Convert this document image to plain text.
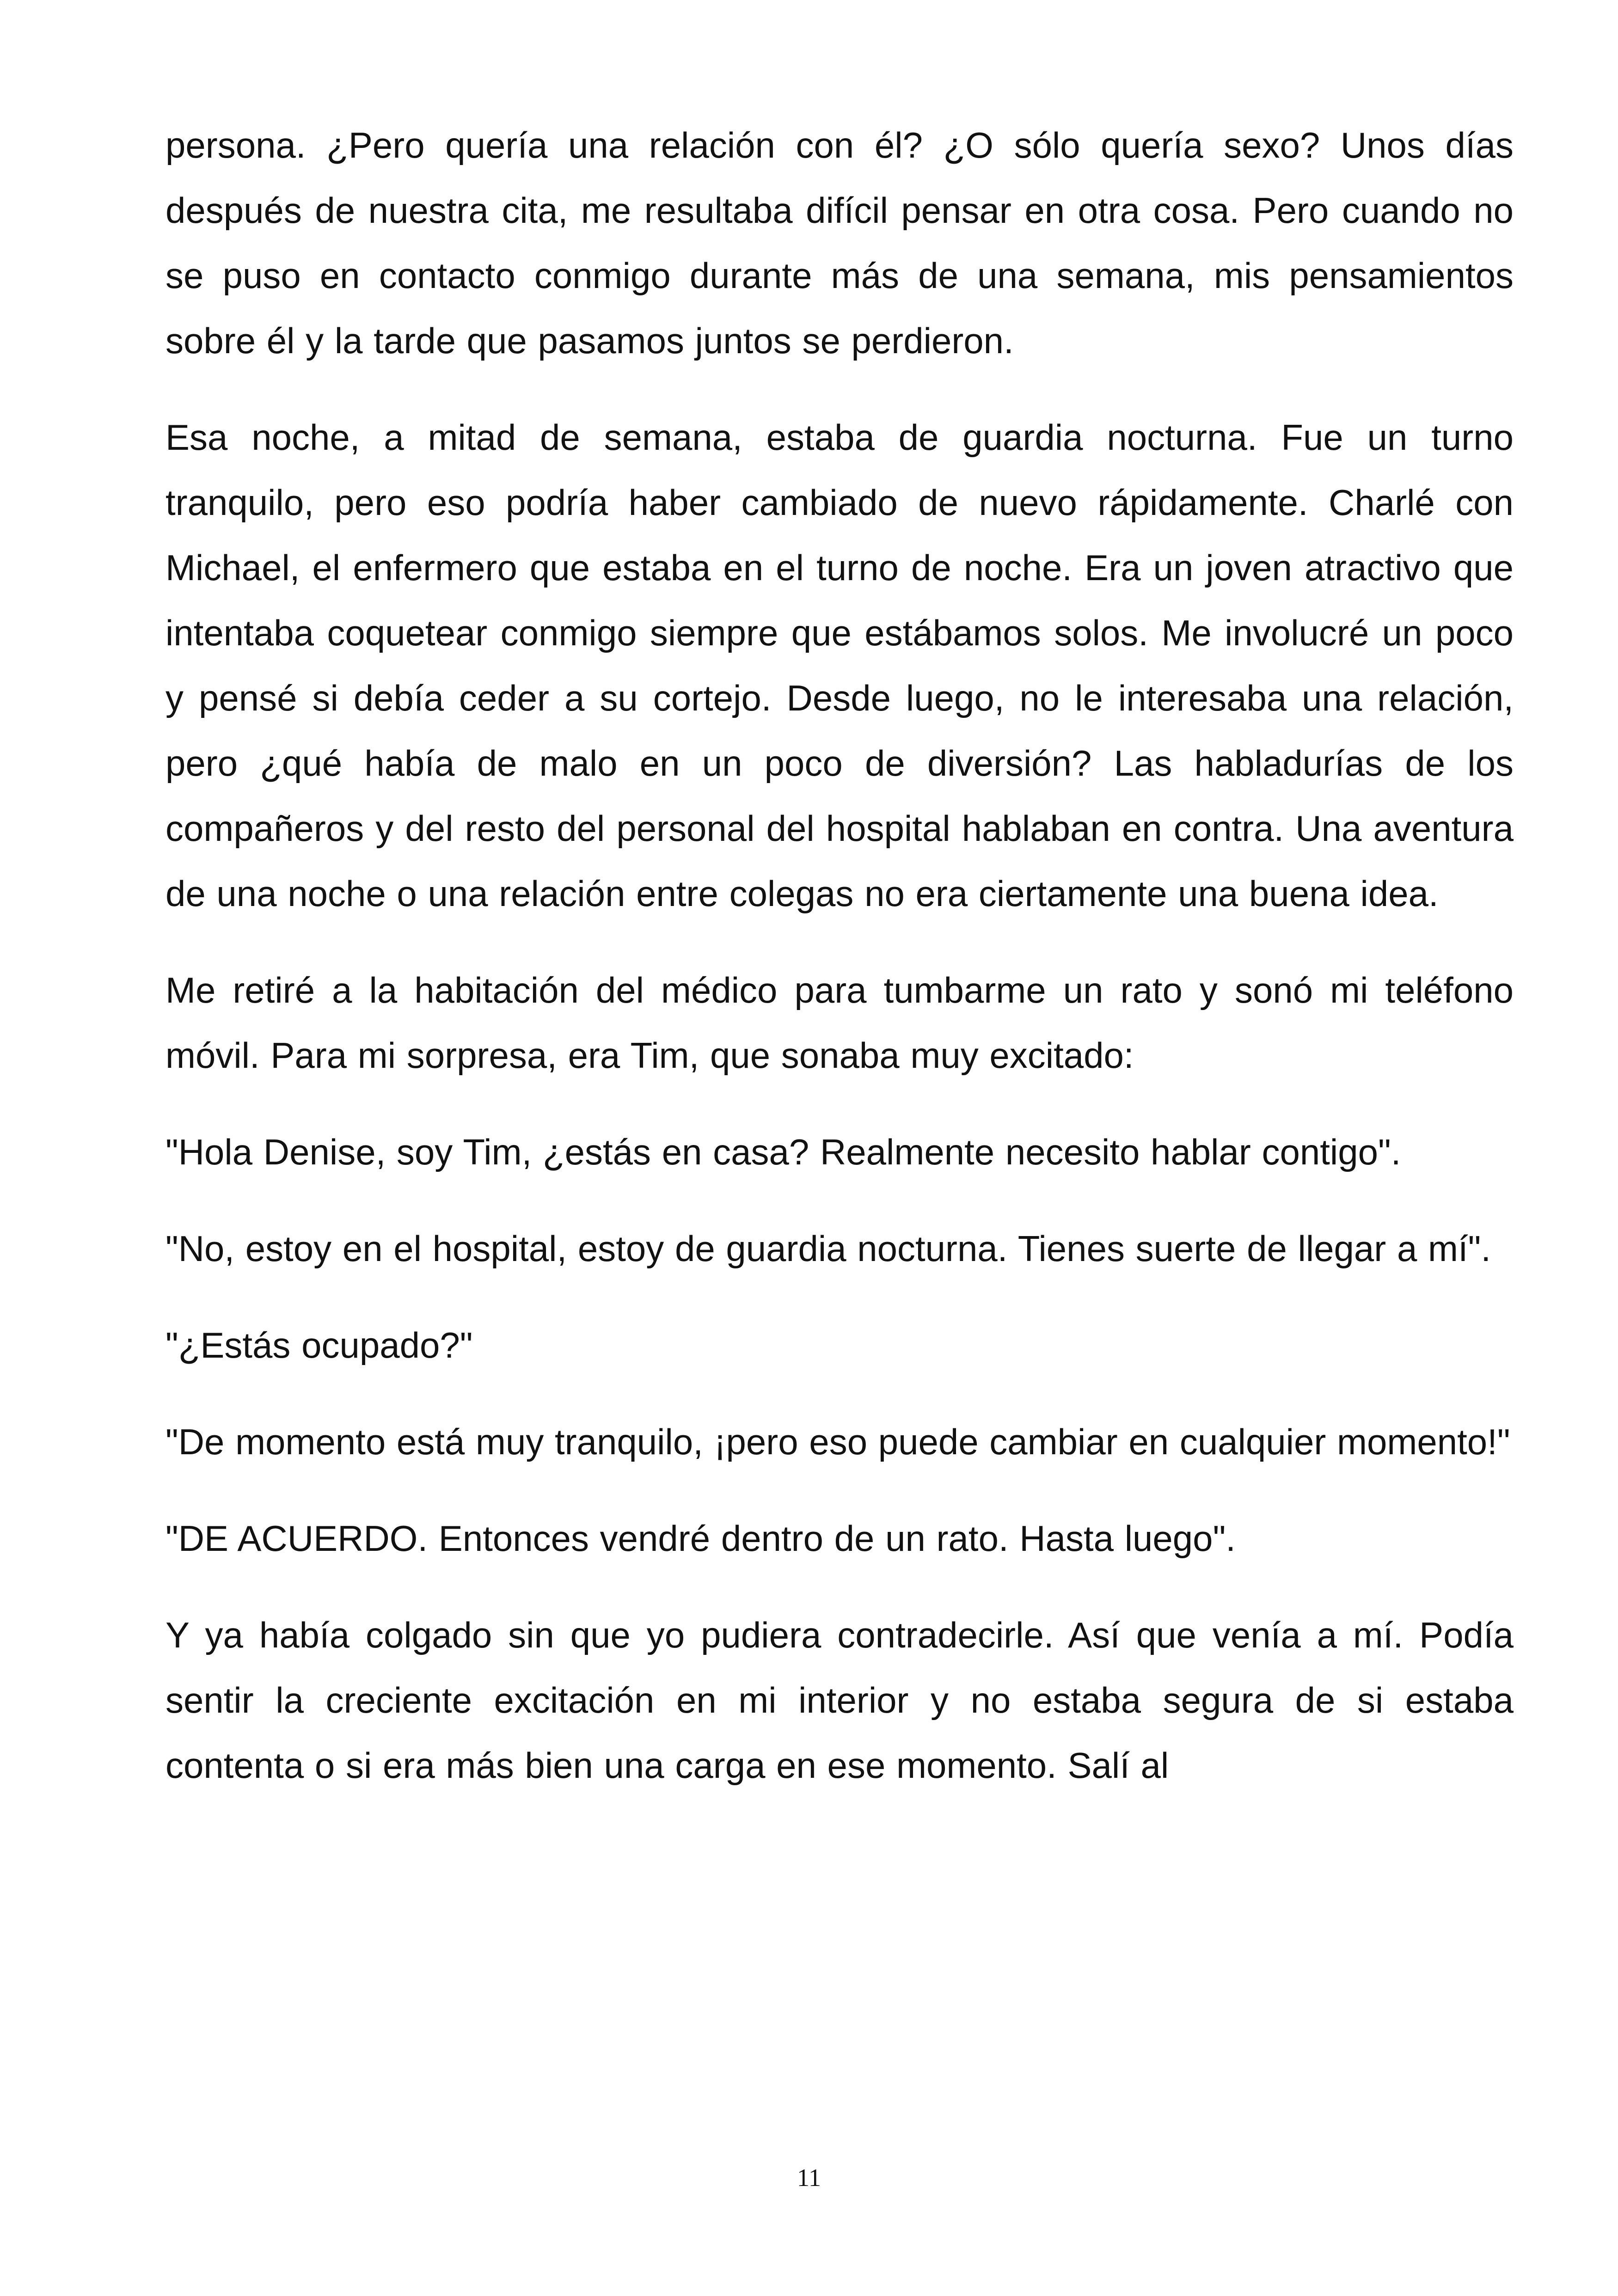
persona. ¿Pero quería una relación con él? ¿O sólo quería sexo? Unos días después de nuestra cita, me resultaba difícil pensar en otra cosa. Pero cuando no se puso en contacto conmigo durante más de una semana, mis pensamientos sobre él y la tarde que pasamos juntos se perdieron.

Esa noche, a mitad de semana, estaba de guardia nocturna. Fue un turno tranquilo, pero eso podría haber cambiado de nuevo rápidamente. Charlé con Michael, el enfermero que estaba en el turno de noche. Era un joven atractivo que intentaba coquetear conmigo siempre que estábamos solos. Me involucré un poco y pensé si debía ceder a su cortejo. Desde luego, no le interesaba una relación, pero ¿qué había de malo en un poco de diversión? Las habladurías de los compañeros y del resto del personal del hospital hablaban en contra. Una aventura de una noche o una relación entre colegas no era ciertamente una buena idea.

Me retiré a la habitación del médico para tumbarme un rato y sonó mi teléfono móvil. Para mi sorpresa, era Tim, que sonaba muy excitado:

"Hola Denise, soy Tim, ¿estás en casa? Realmente necesito hablar contigo".

"No, estoy en el hospital, estoy de guardia nocturna. Tienes suerte de llegar a mí".

"¿Estás ocupado?"

"De momento está muy tranquilo, ¡pero eso puede cambiar en cualquier momento!"

"DE ACUERDO. Entonces vendré dentro de un rato. Hasta luego".

Y ya había colgado sin que yo pudiera contradecirle. Así que venía a mí. Podía sentir la creciente excitación en mi interior y no estaba segura de si estaba contenta o si era más bien una carga en ese momento. Salí al

11
